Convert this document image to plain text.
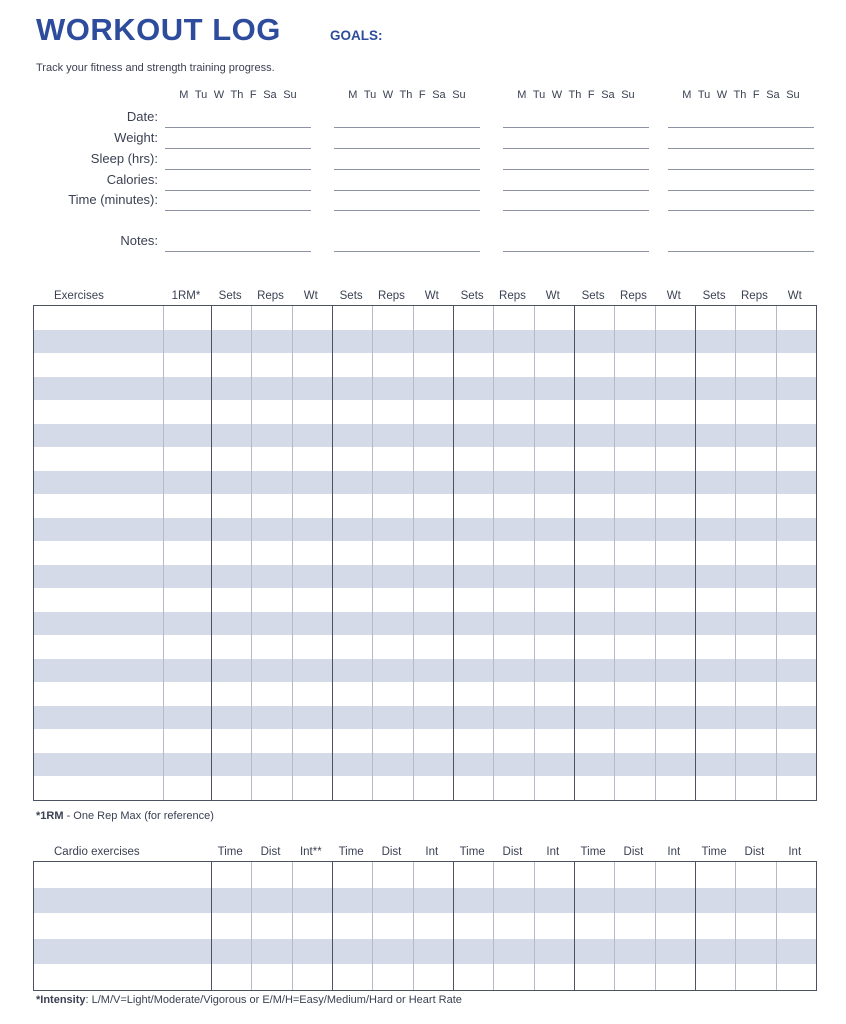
WORKOUT LOG	GOALS:
Track your fitness and strength training progress.
Date:
Weight:
Sleep (hrs):
Calories:
Time (minutes):
Notes:
M Tu W Th F Sa Su	M Tu W Th F Sa Su	M Tu W Th F Sa Su	M Tu W Th F Sa Su
Exercises	1RM*	Sets	Reps	Wt	Sets	Reps	Wt	Sets	Reps	Wt	Sets	Reps	Wt	Sets	Reps	Wt
*1RM - One Rep Max (for reference)
Cardio exercises	Time	Dist	Int**	Time	Dist	Int	Time	Dist	Int	Time	Dist	Int	Time	Dist	Int
*Intensity: L/M/V=Light/Moderate/Vigorous or E/M/H=Easy/Medium/Hard or Heart Rate
